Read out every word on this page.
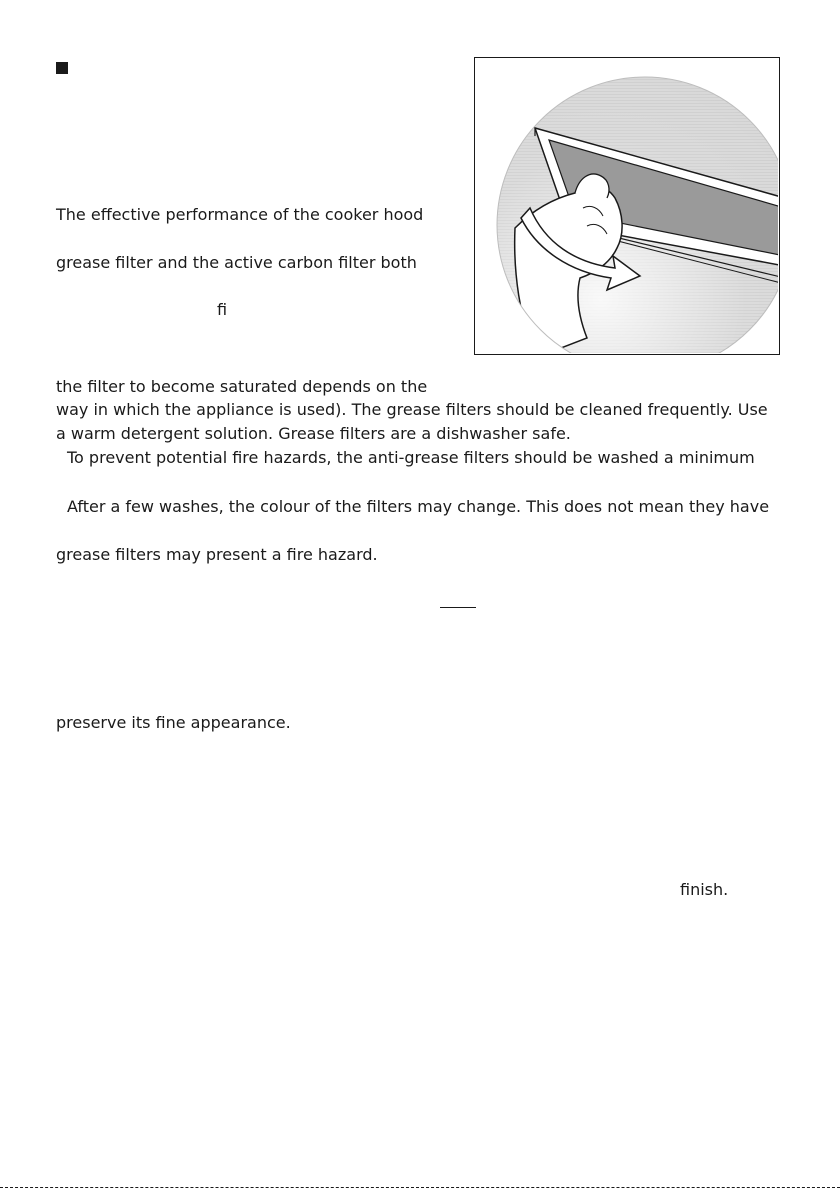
The effective performance of the cooker hood
grease filter and the active carbon filter both
fi
the filter to become saturated depends on the
way in which the appliance is used). The grease filters should be cleaned frequently. Use
a warm detergent solution. Grease filters are a dishwasher safe.
To prevent potential fire hazards, the anti-grease filters should be washed a minimum
After a few washes, the colour of the filters may change. This does not mean they have
grease filters may present a fire hazard.
preserve its fine appearance.
finish.
